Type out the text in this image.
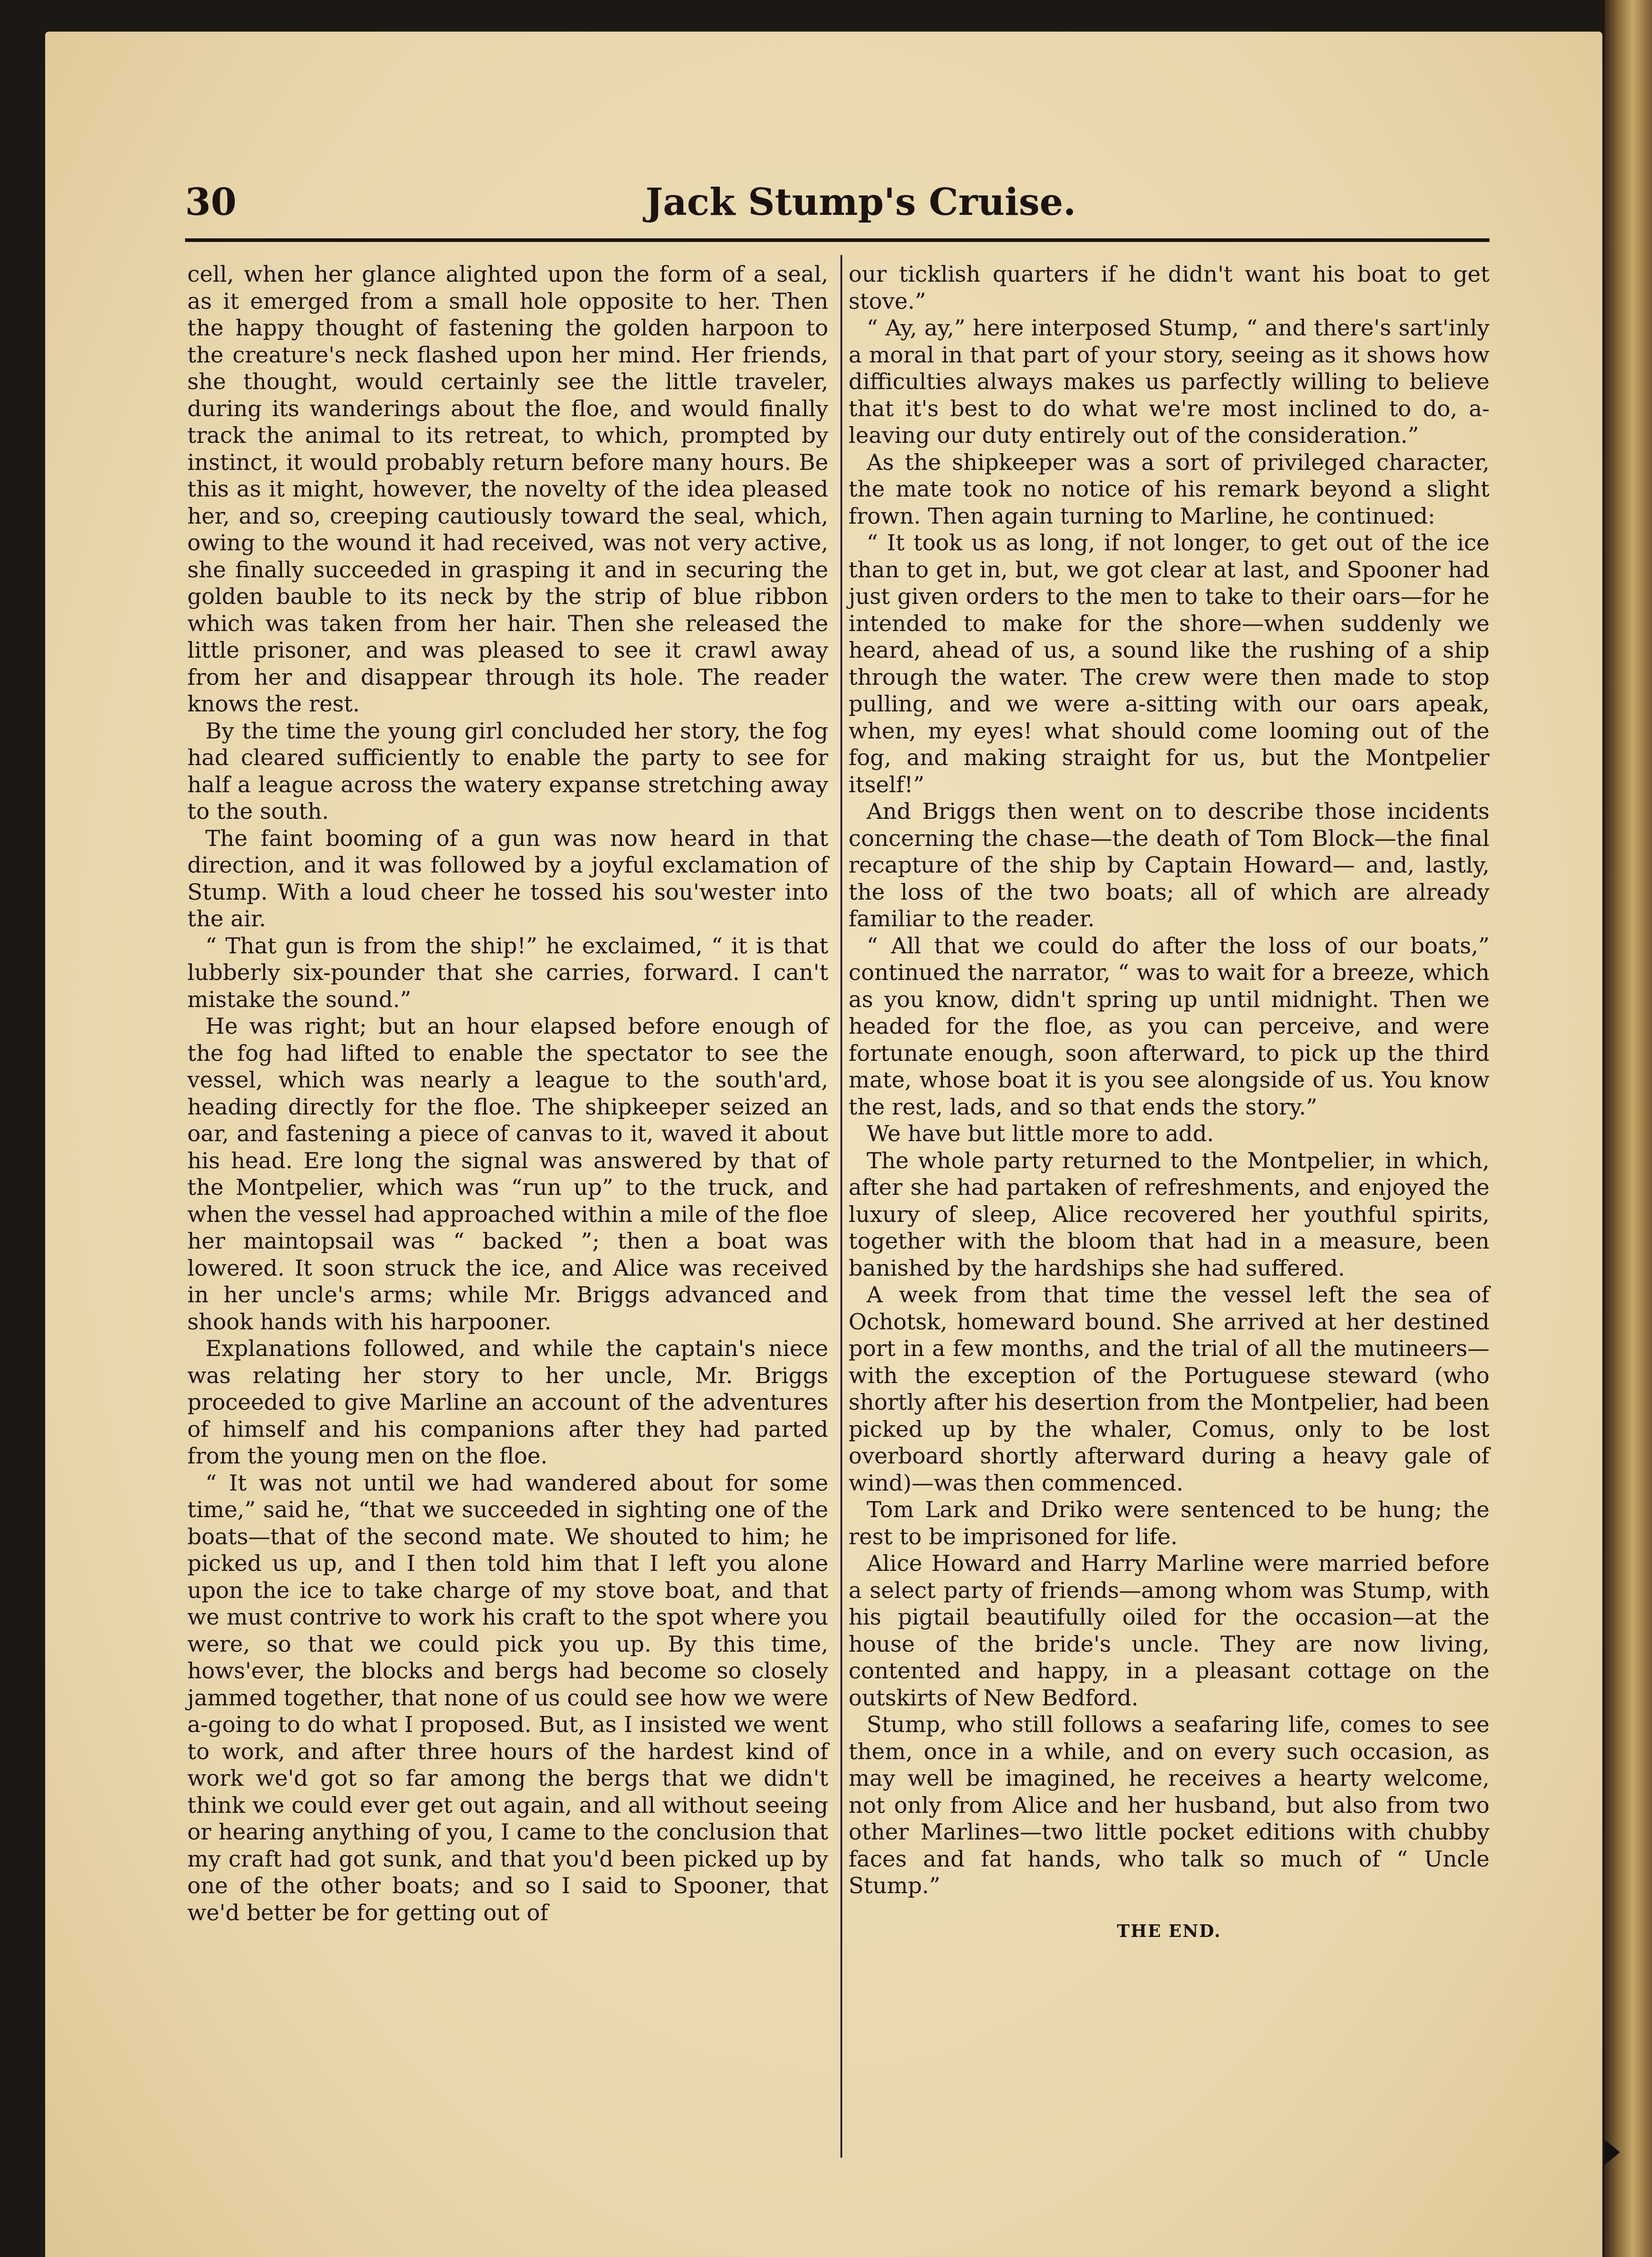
30	Jack Stump's Cruise.

cell, when her glance alighted upon the form of a seal, as it emerged from a small hole opposite to her. Then the happy thought of fastening the golden harpoon to the creature's neck flashed upon her mind. Her friends, she thought, would certainly see the little traveler, during its wanderings about the floe, and would finally track the animal to its retreat, to which, prompted by instinct, it would probably return before many hours. Be this as it might, however, the novelty of the idea pleased her, and so, creeping cautiously toward the seal, which, owing to the wound it had received, was not very active, she finally succeeded in grasping it and in securing the golden bauble to its neck by the strip of blue ribbon which was taken from her hair. Then she released the little prisoner, and was pleased to see it crawl away from her and disappear through its hole. The reader knows the rest.

By the time the young girl concluded her story, the fog had cleared sufficiently to enable the party to see for half a league across the watery expanse stretching away to the south.

The faint booming of a gun was now heard in that direction, and it was followed by a joyful exclamation of Stump. With a loud cheer he tossed his sou'wester into the air.

“ That gun is from the ship!” he exclaimed, “ it is that lubberly six-pounder that she carries, forward. I can't mistake the sound.”

He was right; but an hour elapsed before enough of the fog had lifted to enable the spectator to see the vessel, which was nearly a league to the south'ard, heading directly for the floe. The shipkeeper seized an oar, and fastening a piece of canvas to it, waved it about his head. Ere long the signal was answered by that of the Montpelier, which was “run up” to the truck, and when the vessel had approached within a mile of the floe her maintopsail was “ backed ”; then a boat was lowered. It soon struck the ice, and Alice was received in her uncle's arms; while Mr. Briggs advanced and shook hands with his harpooner.

Explanations followed, and while the captain's niece was relating her story to her uncle, Mr. Briggs proceeded to give Marline an account of the adventures of himself and his companions after they had parted from the young men on the floe.

“ It was not until we had wandered about for some time,” said he, “that we succeeded in sighting one of the boats—that of the second mate. We shouted to him; he picked us up, and I then told him that I left you alone upon the ice to take charge of my stove boat, and that we must contrive to work his craft to the spot where you were, so that we could pick you up. By this time, hows'ever, the blocks and bergs had become so closely jammed together, that none of us could see how we were a-going to do what I proposed. But, as I insisted we went to work, and after three hours of the hardest kind of work we'd got so far among the bergs that we didn't think we could ever get out again, and all without seeing or hearing anything of you, I came to the conclusion that my craft had got sunk, and that you'd been picked up by one of the other boats; and so I said to Spooner, that we'd better be for getting out of

our ticklish quarters if he didn't want his boat to get stove.”

“ Ay, ay,” here interposed Stump, “ and there's sart'inly a moral in that part of your story, seeing as it shows how difficulties always makes us parfectly willing to believe that it's best to do what we're most inclined to do, a-leaving our duty entirely out of the consideration.”

As the shipkeeper was a sort of privileged character, the mate took no notice of his remark beyond a slight frown. Then again turning to Marline, he continued:

“ It took us as long, if not longer, to get out of the ice than to get in, but, we got clear at last, and Spooner had just given orders to the men to take to their oars—for he intended to make for the shore—when suddenly we heard, ahead of us, a sound like the rushing of a ship through the water. The crew were then made to stop pulling, and we were a-sitting with our oars apeak, when, my eyes! what should come looming out of the fog, and making straight for us, but the Montpelier itself!”

And Briggs then went on to describe those incidents concerning the chase—the death of Tom Block—the final recapture of the ship by Captain Howard— and, lastly, the loss of the two boats; all of which are already familiar to the reader.

“ All that we could do after the loss of our boats,” continued the narrator, “ was to wait for a breeze, which as you know, didn't spring up until midnight. Then we headed for the floe, as you can perceive, and were fortunate enough, soon afterward, to pick up the third mate, whose boat it is you see alongside of us. You know the rest, lads, and so that ends the story.”

We have but little more to add.

The whole party returned to the Montpelier, in which, after she had partaken of refreshments, and enjoyed the luxury of sleep, Alice recovered her youthful spirits, together with the bloom that had in a measure, been banished by the hardships she had suffered.

A week from that time the vessel left the sea of Ochotsk, homeward bound. She arrived at her destined port in a few months, and the trial of all the mutineers—with the exception of the Portuguese steward (who shortly after his desertion from the Montpelier, had been picked up by the whaler, Comus, only to be lost overboard shortly afterward during a heavy gale of wind)—was then commenced.

Tom Lark and Driko were sentenced to be hung; the rest to be imprisoned for life.

Alice Howard and Harry Marline were married before a select party of friends—among whom was Stump, with his pigtail beautifully oiled for the occasion—at the house of the bride's uncle. They are now living, contented and happy, in a pleasant cottage on the outskirts of New Bedford.

Stump, who still follows a seafaring life, comes to see them, once in a while, and on every such occasion, as may well be imagined, he receives a hearty welcome, not only from Alice and her husband, but also from two other Marlines—two little pocket editions with chubby faces and fat hands, who talk so much of “ Uncle Stump.”

THE END.
